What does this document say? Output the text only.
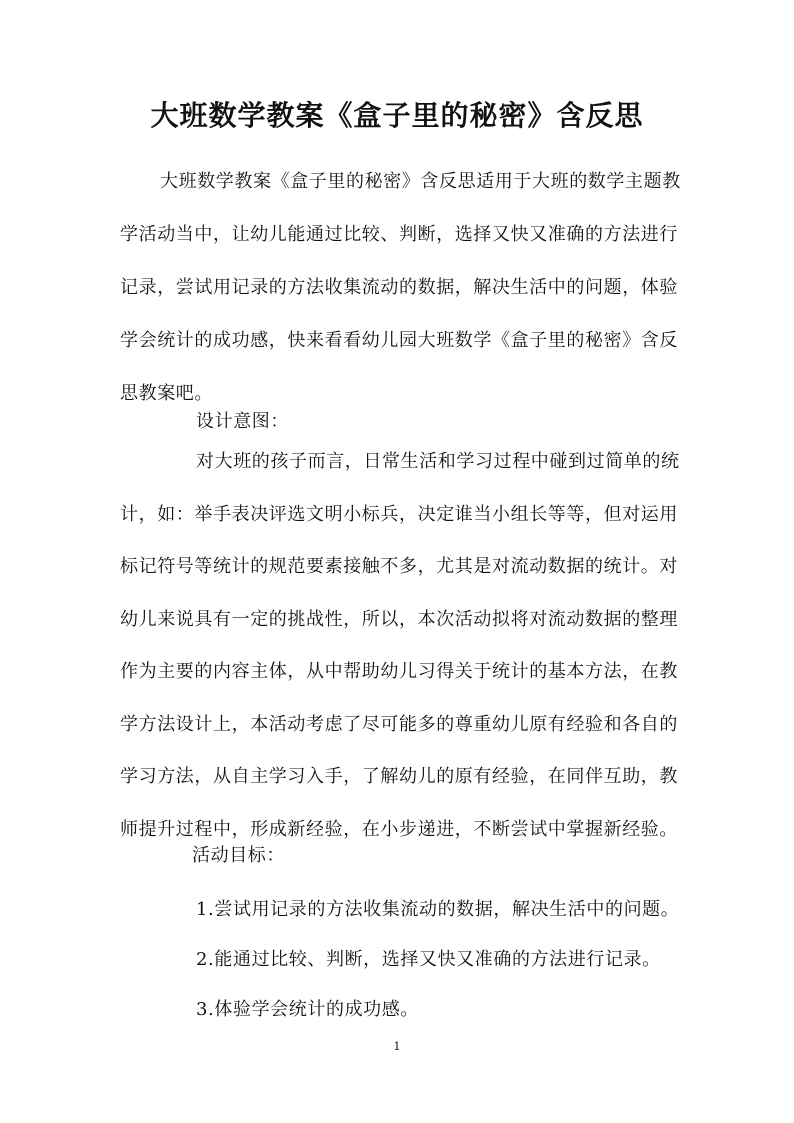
大班数学教案《盒子里的秘密》含反思
大班数学教案《盒子里的秘密》含反思适用于大班的数学主题教学活动当中，让幼儿能通过比较、判断，选择又快又准确的方法进行记录，尝试用记录的方法收集流动的数据，解决生活中的问题，体验学会统计的成功感，快来看看幼儿园大班数学《盒子里的秘密》含反思教案吧。
设计意图：
对大班的孩子而言，日常生活和学习过程中碰到过简单的统计，如：举手表决评选文明小标兵，决定谁当小组长等等，但对运用标记符号等统计的规范要素接触不多，尤其是对流动数据的统计。对幼儿来说具有一定的挑战性，所以，本次活动拟将对流动数据的整理作为主要的内容主体，从中帮助幼儿习得关于统计的基本方法，在教学方法设计上，本活动考虑了尽可能多的尊重幼儿原有经验和各自的学习方法，从自主学习入手，了解幼儿的原有经验，在同伴互助，教师提升过程中，形成新经验，在小步递进，不断尝试中掌握新经验。
活动目标：
1.尝试用记录的方法收集流动的数据，解决生活中的问题。
2.能通过比较、判断，选择又快又准确的方法进行记录。
3.体验学会统计的成功感。
1
